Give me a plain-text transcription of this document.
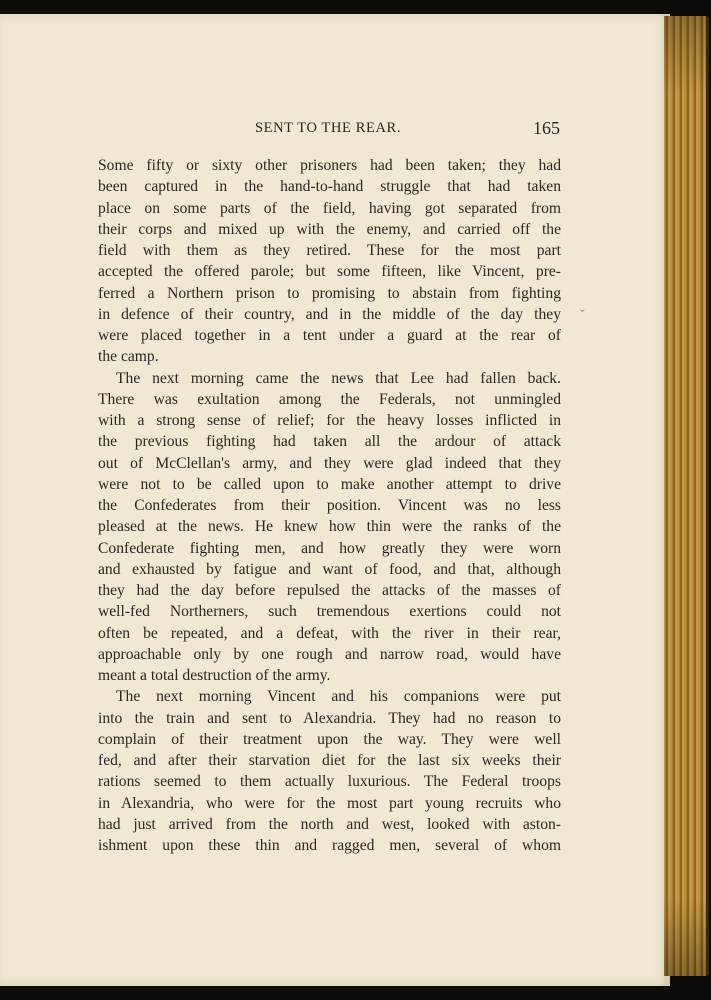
SENT TO THE REAR.	165

Some fifty or sixty other prisoners had been taken; they had
been captured in the hand-to-hand struggle that had taken
place on some parts of the field, having got separated from
their corps and mixed up with the enemy, and carried off the
field with them as they retired. These for the most part
accepted the offered parole; but some fifteen, like Vincent, pre-
ferred a Northern prison to promising to abstain from fighting
in defence of their country, and in the middle of the day they
were placed together in a tent under a guard at the rear of
the camp.

The next morning came the news that Lee had fallen back.
There was exultation among the Federals, not unmingled
with a strong sense of relief; for the heavy losses inflicted in
the previous fighting had taken all the ardour of attack
out of McClellan's army, and they were glad indeed that they
were not to be called upon to make another attempt to drive
the Confederates from their position. Vincent was no less
pleased at the news. He knew how thin were the ranks of the
Confederate fighting men, and how greatly they were worn
and exhausted by fatigue and want of food, and that, although
they had the day before repulsed the attacks of the masses of
well-fed Northerners, such tremendous exertions could not
often be repeated, and a defeat, with the river in their rear,
approachable only by one rough and narrow road, would have
meant a total destruction of the army.

The next morning Vincent and his companions were put
into the train and sent to Alexandria. They had no reason to
complain of their treatment upon the way. They were well
fed, and after their starvation diet for the last six weeks their
rations seemed to them actually luxurious. The Federal troops
in Alexandria, who were for the most part young recruits who
had just arrived from the north and west, looked with aston-
ishment upon these thin and ragged men, several of whom

ˇ
